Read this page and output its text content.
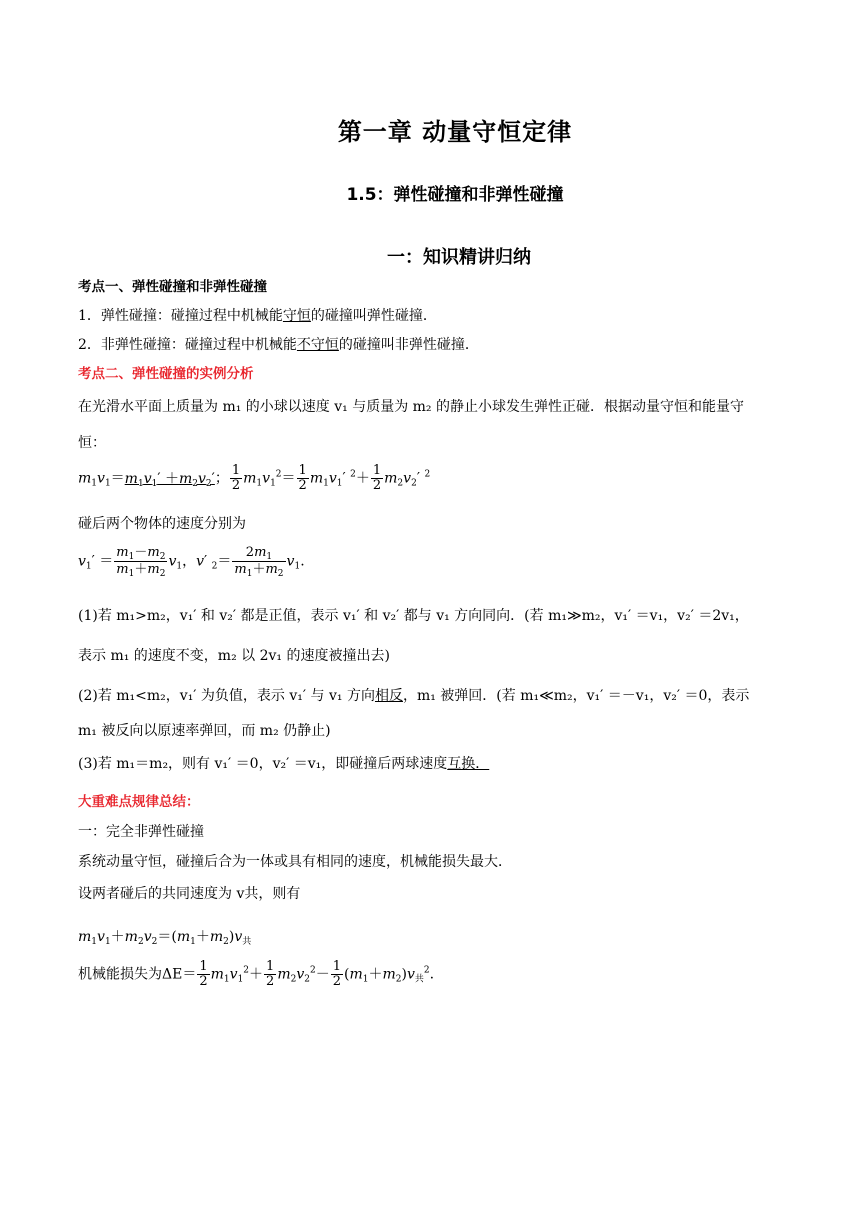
第一章 动量守恒定律
1.5：弹性碰撞和非弹性碰撞
一：知识精讲归纳
考点一、弹性碰撞和非弹性碰撞
1．弹性碰撞：碰撞过程中机械能守恒的碰撞叫弹性碰撞．
2．非弹性碰撞：碰撞过程中机械能不守恒的碰撞叫非弹性碰撞．
考点二、弹性碰撞的实例分析
在光滑水平面上质量为 m₁ 的小球以速度 v₁ 与质量为 m₂ 的静止小球发生弹性正碰．根据动量守恒和能量守
恒：
$m_1v_1=m_1v_1' +m_2v_2'$； $\frac{1}{2} m_1v_1^2= \frac{1}{2} m_1v_1'$ $^2+ \frac{1}{2} m_2v_2'$ $^2$
碰后两个物体的速度分别为
$v_1' = \frac{m_1-m_2}{m_1+m_2} v_1$，v′ $_2= \frac{2m_1}{m_1+m_2} v_1$.
(1)若 m₁>m₂，v₁′ 和 v₂′ 都是正值，表示 v₁′ 和 v₂′ 都与 v₁ 方向同向．(若 m₁≫m₂，v₁′ ＝v₁，v₂′ ＝2v₁，
表示 m₁ 的速度不变，m₂ 以 2v₁ 的速度被撞出去)
(2)若 m₁<m₂，v₁′ 为负值，表示 v₁′ 与 v₁ 方向相反，m₁ 被弹回．(若 m₁≪m₂，v₁′ ＝－v₁，v₂′ ＝0，表示
m₁ 被反向以原速率弹回，而 m₂ 仍静止)
(3)若 m₁＝m₂，则有 v₁′ ＝0，v₂′ ＝v₁，即碰撞后两球速度互换．
大重难点规律总结：
一：完全非弹性碰撞
系统动量守恒，碰撞后合为一体或具有相同的速度，机械能损失最大．
设两者碰后的共同速度为 v共，则有
$m_1v_1+m_2v_2=(m_1+m_2)v_共$
机械能损失为$\Delta E= \frac{1}{2} m_1v_1^2+ \frac{1}{2} m_2v_2^2- \frac{1}{2} (m_1+m_2)v_共^2$.
